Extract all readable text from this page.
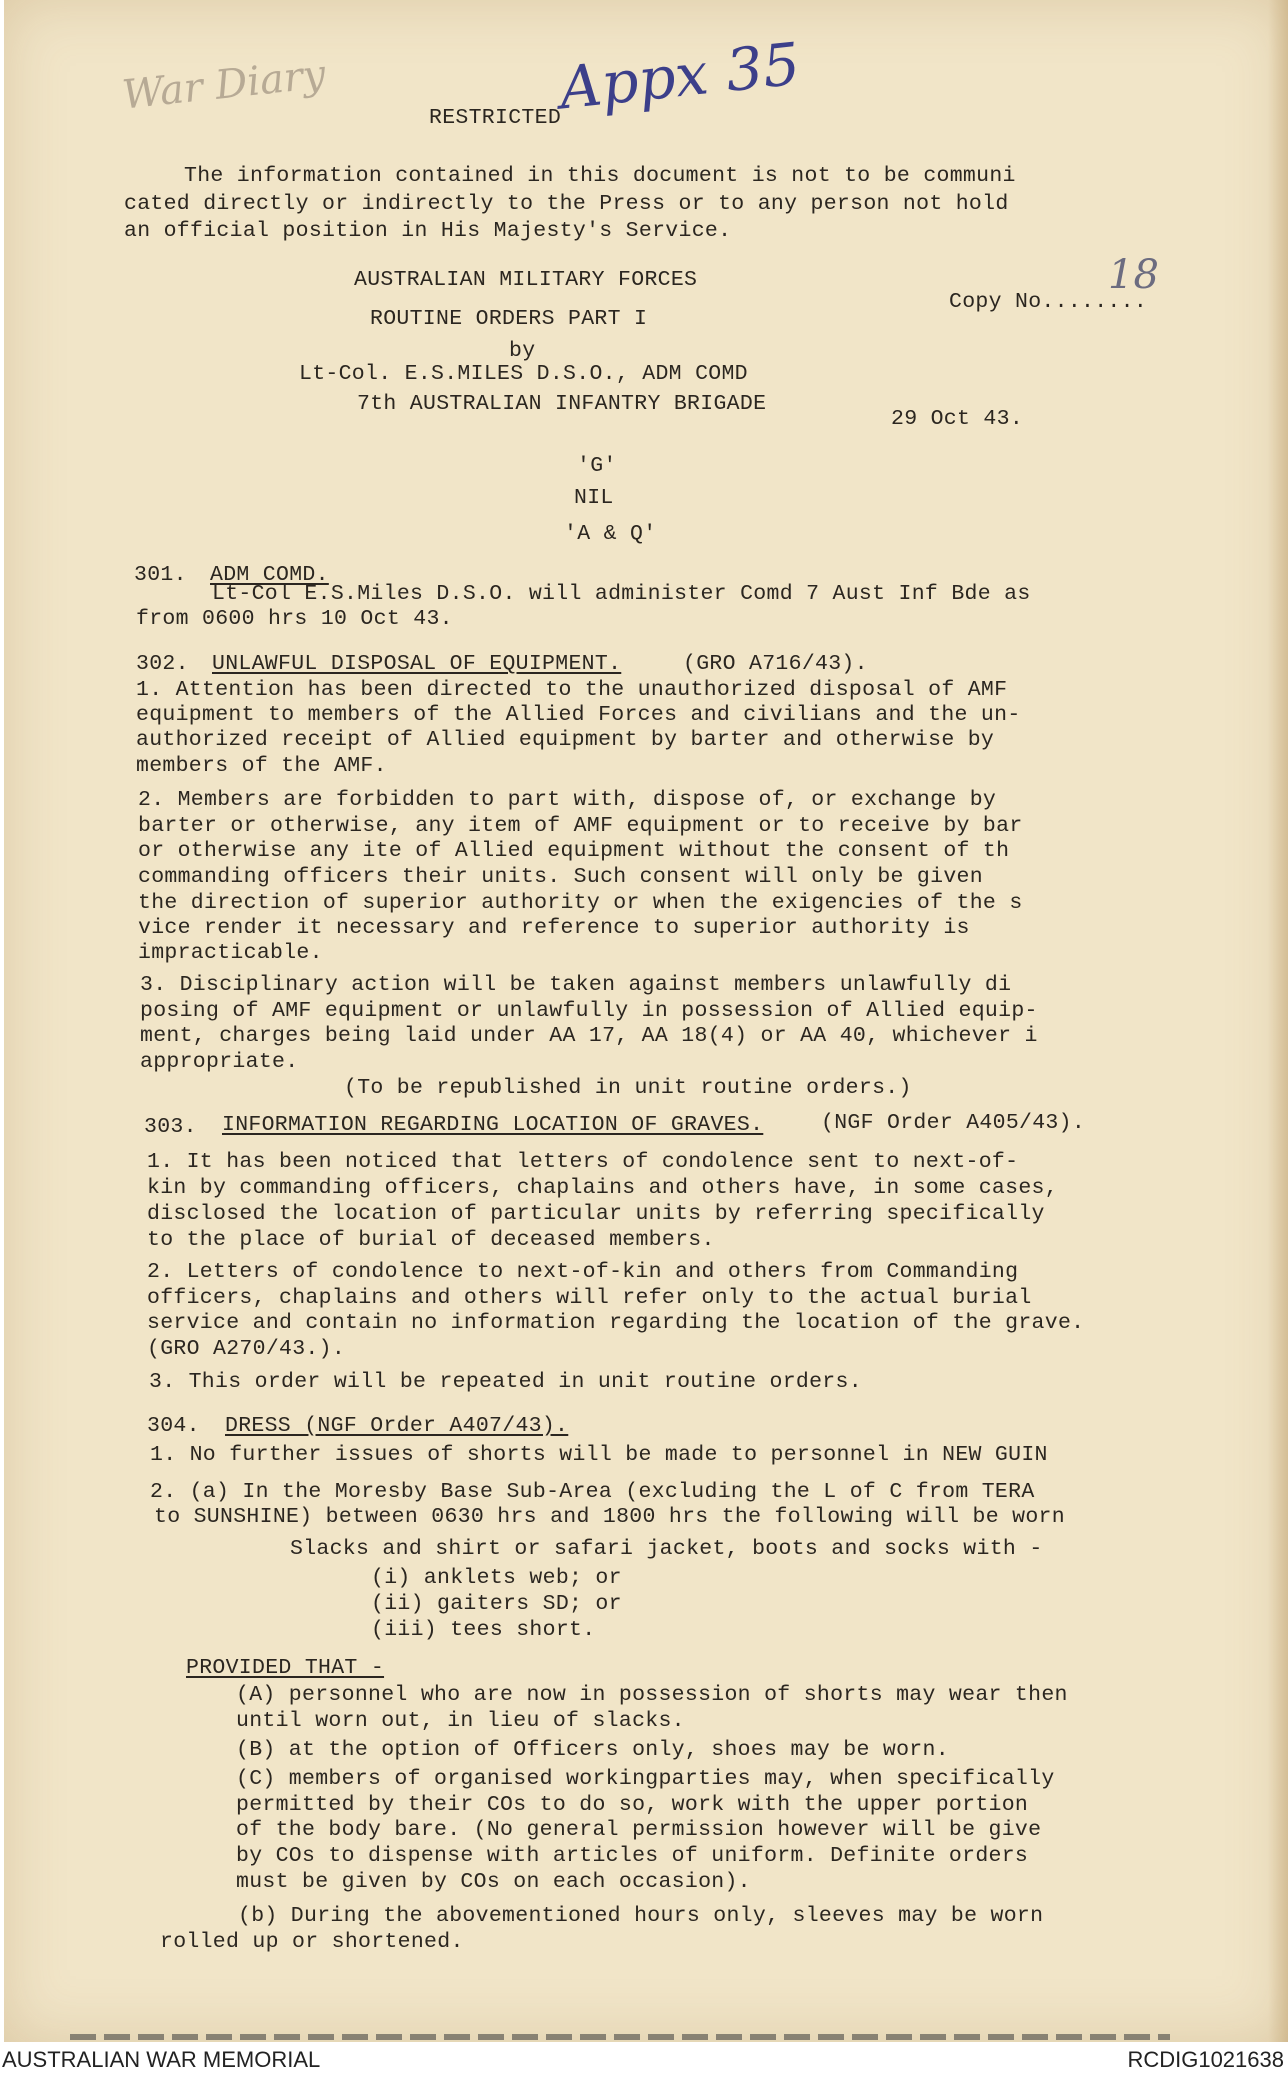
War Diary	Appx 35
18
RESTRICTED
The information contained in this document is not to be communi
cated directly or indirectly to the Press or to any person not hold
an official position in His Majesty's Service.
AUSTRALIAN MILITARY FORCES
Copy No........
ROUTINE ORDERS PART I
by
Lt-Col. E.S.MILES D.S.O., ADM COMD
7th AUSTRALIAN INFANTRY BRIGADE
29 Oct 43.
'G'
NIL
'A & Q'
301. ADM COMD.
Lt-Col E.S.Miles D.S.O. will administer Comd 7 Aust Inf Bde as
from 0600 hrs 10 Oct 43.
302. UNLAWFUL DISPOSAL OF EQUIPMENT.	(GRO A716/43).
1. Attention has been directed to the unauthorized disposal of AMF
equipment to members of the Allied Forces and civilians and the un-
authorized receipt of Allied equipment by barter and otherwise by
members of the AMF.
2. Members are forbidden to part with, dispose of, or exchange by
barter or otherwise, any item of AMF equipment or to receive by bar
or otherwise any ite of Allied equipment without the consent of th
commanding officers their units. Such consent will only be given
the direction of superior authority or when the exigencies of the s
vice render it necessary and reference to superior authority is
impracticable.
3. Disciplinary action will be taken against members unlawfully di
posing of AMF equipment or unlawfully in possession of Allied equip-
ment, charges being laid under AA 17, AA 18(4) or AA 40, whichever i
appropriate.
(To be republished in unit routine orders.)
303. INFORMATION REGARDING LOCATION OF GRAVES.	(NGF Order A405/43).
1. It has been noticed that letters of condolence sent to next-of-
kin by commanding officers, chaplains and others have, in some cases,
disclosed the location of particular units by referring specifically
to the place of burial of deceased members.
2. Letters of condolence to next-of-kin and others from Commanding
officers, chaplains and others will refer only to the actual burial
service and contain no information regarding the location of the grave.
(GRO A270/43.).
3. This order will be repeated in unit routine orders.
304. DRESS (NGF Order A407/43).
1. No further issues of shorts will be made to personnel in NEW GUIN
2. (a) In the Moresby Base Sub-Area (excluding the L of C from TERA
to SUNSHINE) between 0630 hrs and 1800 hrs the following will be worn
Slacks and shirt or safari jacket, boots and socks with -
(i) anklets web; or
(ii) gaiters SD; or
(iii) tees short.
PROVIDED THAT -
(A) personnel who are now in possession of shorts may wear then
until worn out, in lieu of slacks.
(B) at the option of Officers only, shoes may be worn.
(C) members of organised workingparties may, when specifically
permitted by their COs to do so, work with the upper portion
of the body bare. (No general permission however will be give
by COs to dispense with articles of uniform. Definite orders
must be given by COs on each occasion).
(b) During the abovementioned hours only, sleeves may be worn
rolled up or shortened.
AUSTRALIAN WAR MEMORIAL	RCDIG1021638
